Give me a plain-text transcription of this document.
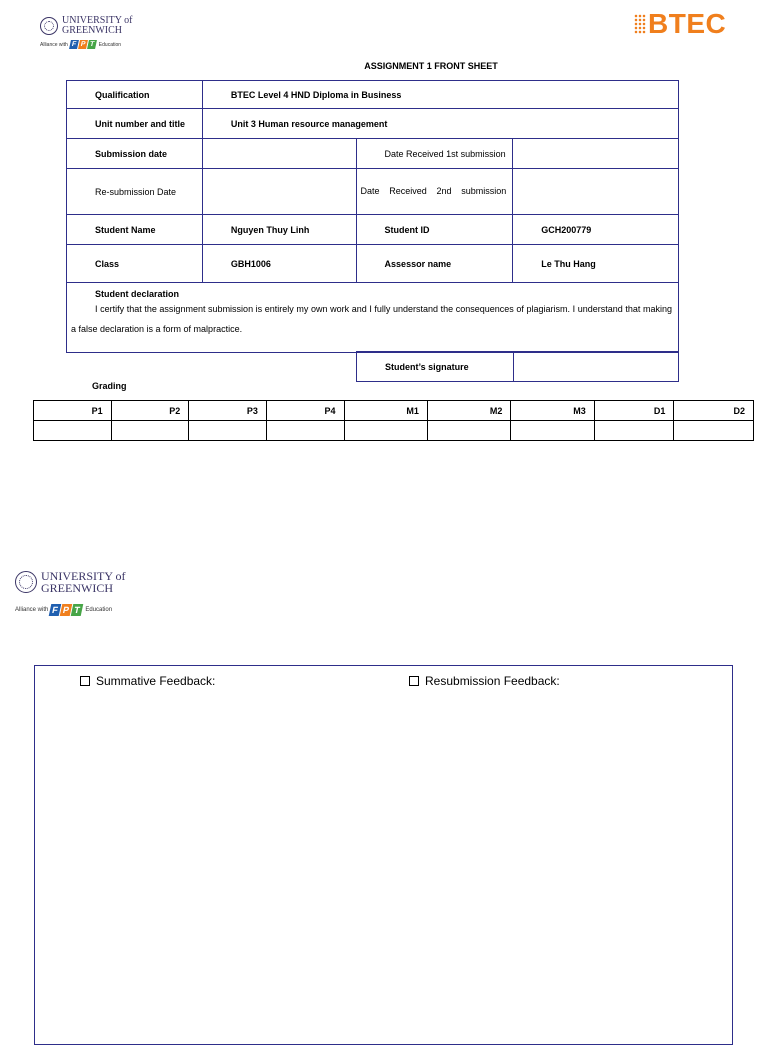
UNIVERSITY of GREENWICH
Alliance with F P T Education
BTEC
ASSIGNMENT 1 FRONT SHEET
Qualification	BTEC Level 4 HND Diploma in Business		
Unit number and title	Unit 3 Human resource management		
Submission date		Date Received 1st submission	
Re-submission Date		Date Received 2nd submission	
Student Name	Nguyen Thuy Linh	Student ID	GCH200779
Class	GBH1006	Assessor name	Le Thu Hang

Student declaration
I certify that the assignment submission is entirely my own work and I fully understand the consequences of plagiarism. I understand that making a false declaration is a form of malpractice.			
Student’s signature	
Grading
P1	P2	P3	P4	M1	M2	M3	D1	D2

UNIVERSITY of GREENWICH
Alliance with F P T Education
Summative Feedback:	Resubmission Feedback:
